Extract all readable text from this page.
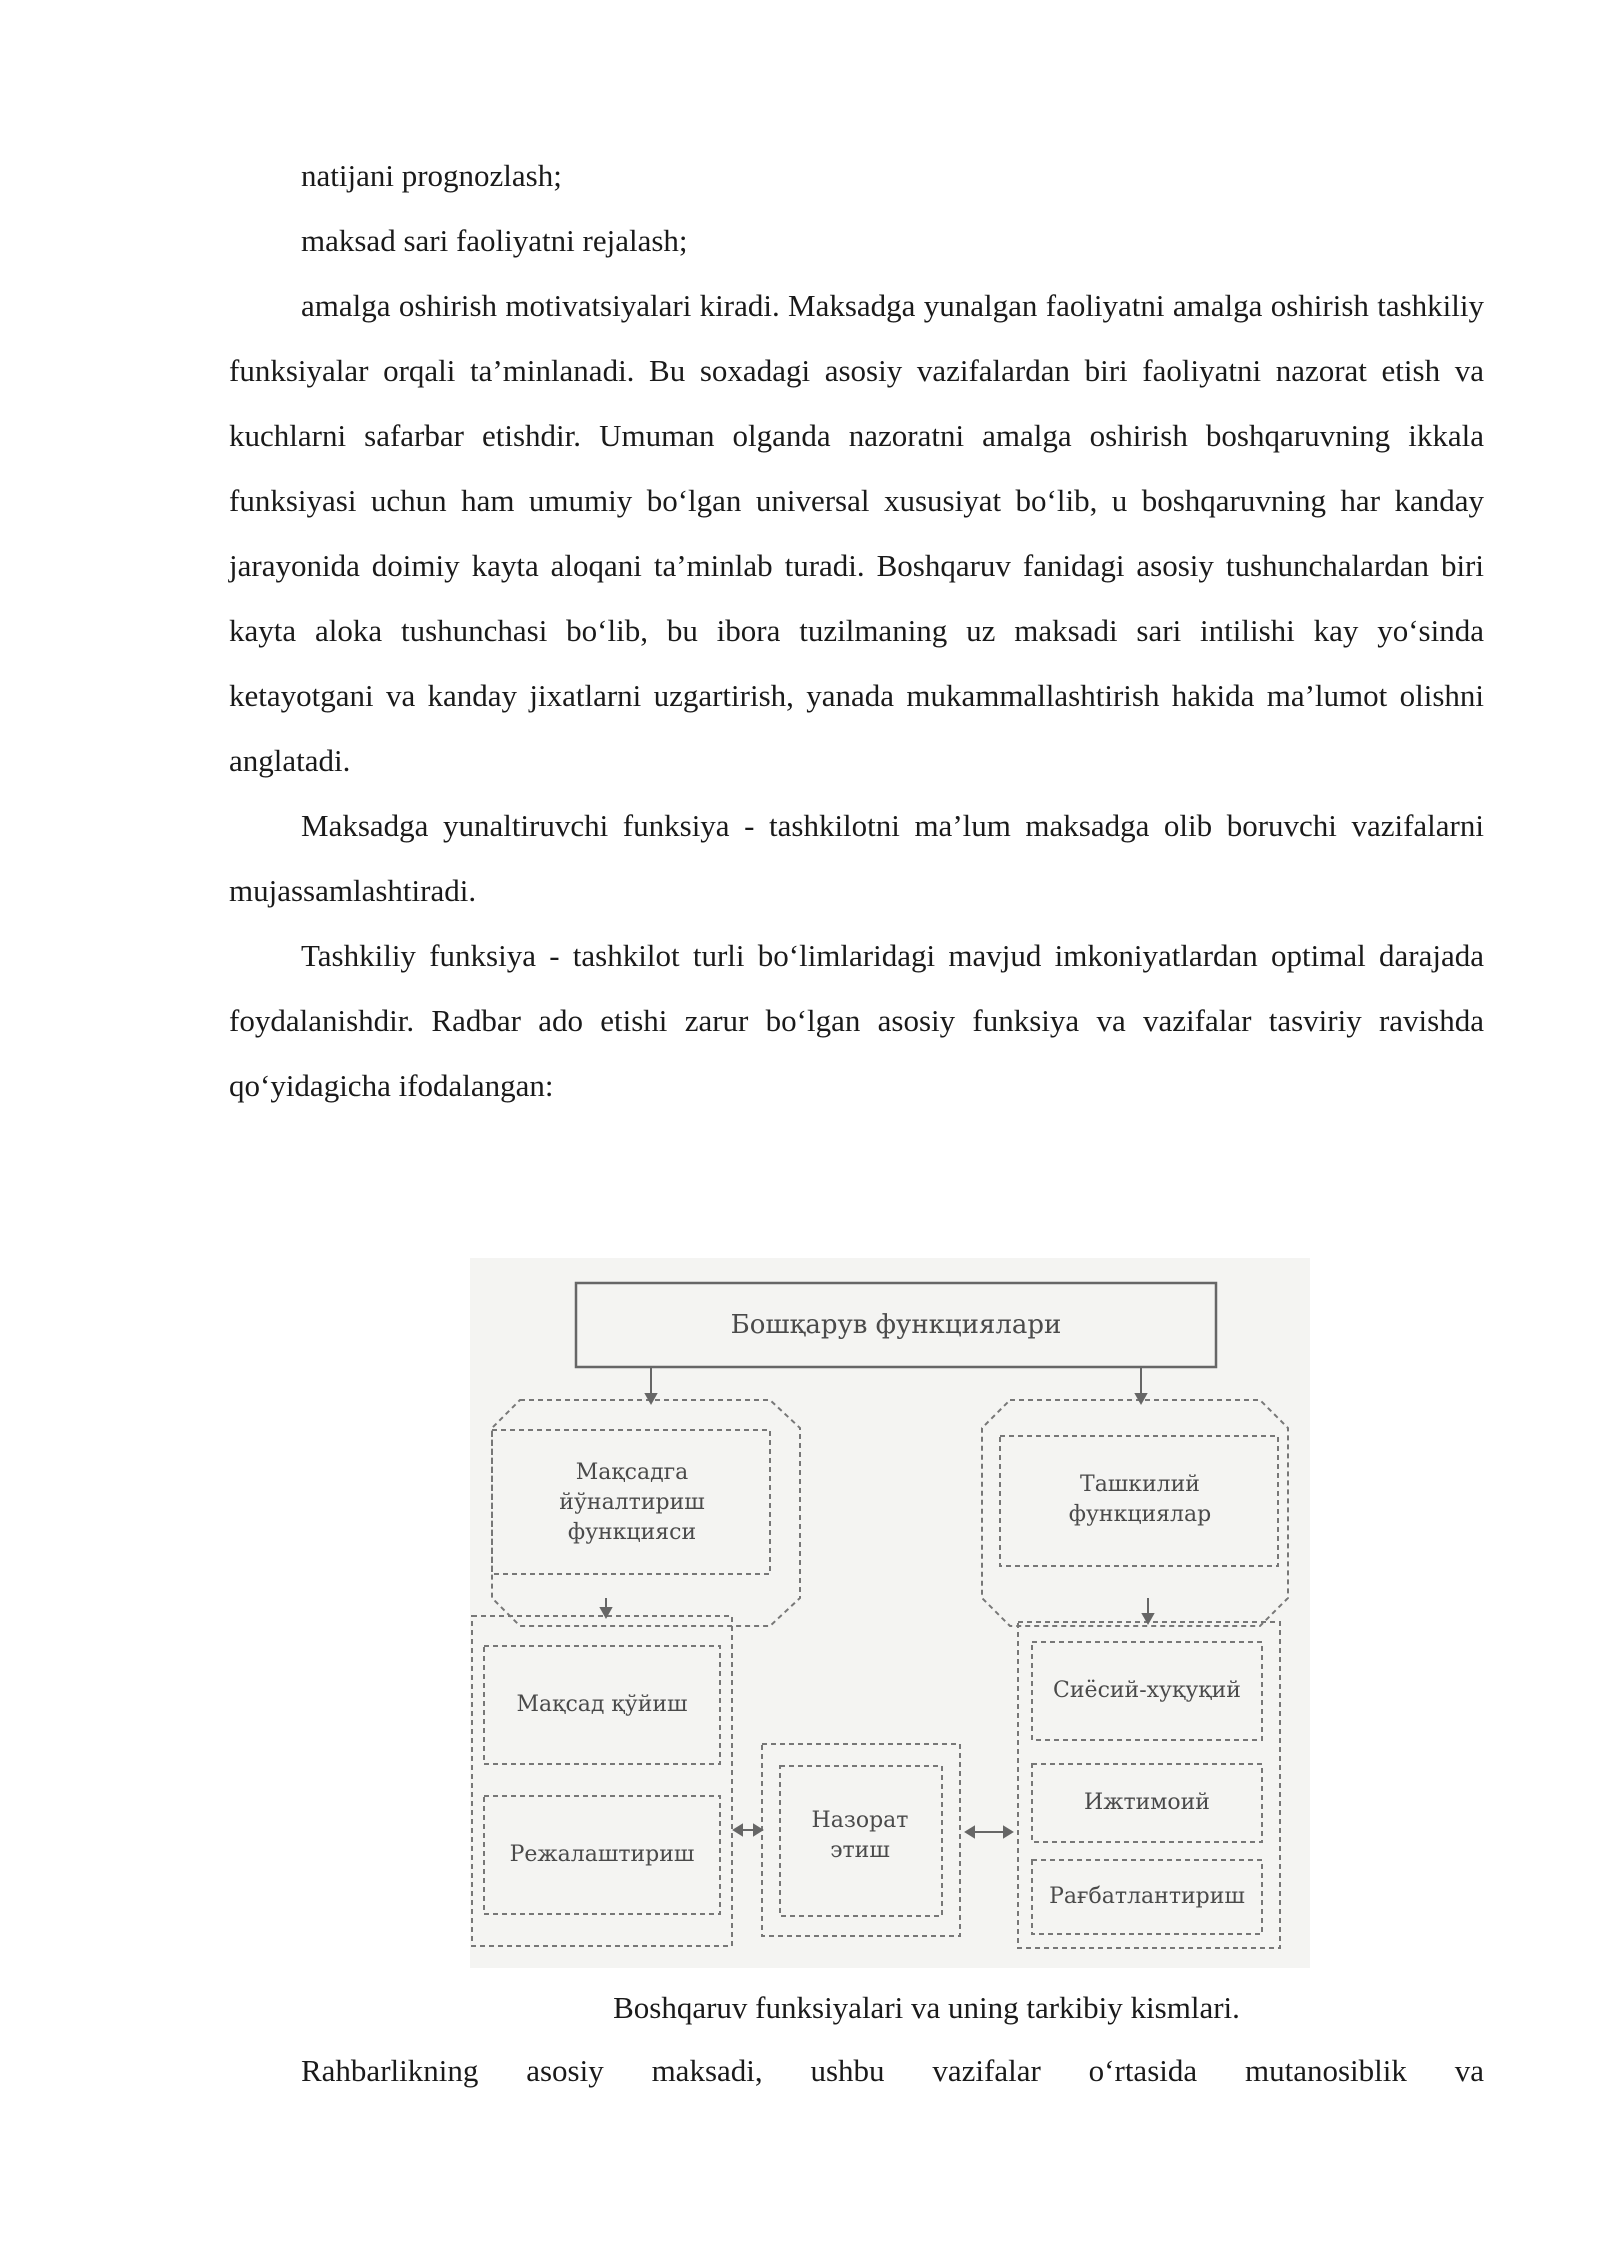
natijani prognozlash;

maksad sari faoliyatni rejalash;

amalga oshirish motivatsiyalari kiradi. Maksadga yunalgan faoliyatni amalga oshirish tashkiliy funksiyalar orqali ta’minlanadi. Bu soxadagi asosiy vazifalardan biri faoliyatni nazorat etish va kuchlarni safarbar etishdir. Umuman olganda nazoratni amalga oshirish boshqaruvning ikkala funksiyasi uchun ham umumiy bo‘lgan universal xususiyat bo‘lib, u boshqaruvning har kanday jarayonida doimiy kayta aloqani ta’minlab turadi. Boshqaruv fanidagi asosiy tushunchalardan biri kayta aloka tushunchasi bo‘lib, bu ibora tuzilmaning uz maksadi sari intilishi kay yo‘sinda ketayotgani va kanday jixatlarni uzgartirish, yanada mukammallashtirish hakida ma’lumot olishni anglatadi.

Maksadga yunaltiruvchi funksiya - tashkilotni ma’lum maksadga olib boruvchi vazifalarni mujassamlashtiradi.

Tashkiliy funksiya - tashkilot turli bo‘limlaridagi mavjud imkoniyatlardan optimal darajada foydalanishdir. Radbar ado etishi zarur bo‘lgan asosiy funksiya va vazifalar tasviriy ravishda qo‘yidagicha ifodalangan:

Бошқарув функциялари
Мақсадга йўналтириш функцияси
Ташкилий функциялар
Мақсад қўйиш
Режалаштириш
Назорат этиш
Сиёсий-хуқуқий
Ижтимоий
Рағбатлантириш
Boshqaruv funksiyalari va uning tarkibiy kismlari.

Rahbarlikning asosiy maksadi, ushbu vazifalar o‘rtasida mutanosiblik va
